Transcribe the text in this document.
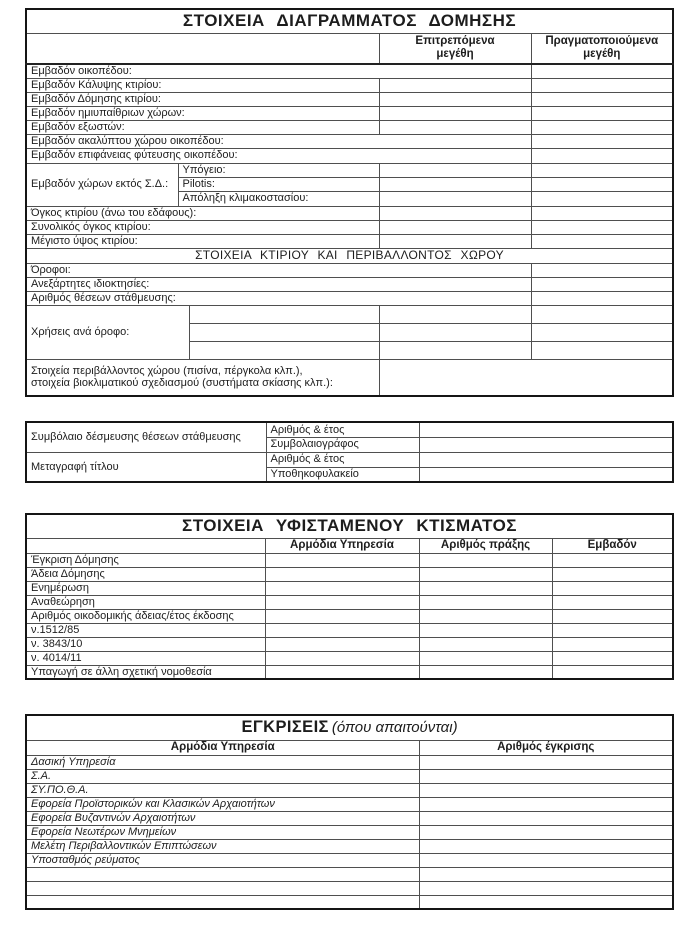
ΣΤΟΙΧΕΙΑ ΔΙΑΓΡΑΜΜΑΤΟΣ ΔΟΜΗΣΗΣ				

			Επιτρεπόμενα μεγέθη	Πραγματοποιούμενα μεγέθη

Εμβαδόν οικοπέδου:				
Εμβαδόν Κάλυψης κτιρίου:				
Εμβαδόν Δόμησης κτιρίου:				
Εμβαδόν ημιυπαίθριων χώρων:				
Εμβαδόν εξωστών:				
Εμβαδόν ακαλύπτου χώρου οικοπέδου:				
Εμβαδόν επιφάνειας φύτευσης οικοπέδου:				
Εμβαδόν χώρων εκτός Σ.Δ.:	Υπόγειο:			
	Pilotis:			
	Απόληξη κλιμακοστασίου:			
Όγκος κτιρίου (άνω του εδάφους):				
Συνολικός όγκος κτιρίου:				
Μέγιστο ύψος κτιρίου:				
ΣΤΟΙΧΕΙΑ ΚΤΙΡΙΟΥ ΚΑΙ ΠΕΡΙΒΑΛΛΟΝΤΟΣ ΧΩΡΟΥ				
Όροφοι:				
Ανεξάρτητες ιδιοκτησίες:				
Αριθμός θέσεων στάθμευσης:				
Χρήσεις ανά όροφο:				

Στοιχεία περιβάλλοντος χώρου (πισίνα, πέργκολα κλπ.),
στοιχεία βιοκλιματικού σχεδιασμού (συστήματα σκίασης κλπ.):				

Συμβόλαιο δέσμευσης θέσεων στάθμευσης	Αριθμός & έτος	
	Συμβολαιογράφος	
Μεταγραφή τίτλου	Αριθμός & έτος	
	Υποθηκοφυλακείο	
ΣΤΟΙΧΕΙΑ ΥΦΙΣΤΑΜΕΝΟΥ ΚΤΙΣΜΑΤΟΣ			
	Αρμόδια Υπηρεσία	Αριθμός πράξης	Εμβαδόν
Έγκριση Δόμησης			
Άδεια Δόμησης			
Ενημέρωση			
Αναθεώρηση			
Αριθμός οικοδομικής άδειας/έτος έκδοσης			
ν.1512/85			
ν. 3843/10			
ν. 4014/11			
Υπαγωγή σε άλλη σχετική νομοθεσία			
ΕΓΚΡΙΣΕΙΣ (όπου απαιτούνται)	
Αρμόδια Υπηρεσία	Αριθμός έγκρισης
Δασική Υπηρεσία	
Σ.Α.	
ΣΥ.ΠΟ.Θ.Α.	
Εφορεία Προϊστορικών και Κλασικών Αρχαιοτήτων	
Εφορεία Βυζαντινών Αρχαιοτήτων	
Εφορεία Νεωτέρων Μνημείων	
Μελέτη Περιβαλλοντικών Επιπτώσεων	
Υποσταθμός ρεύματος	
